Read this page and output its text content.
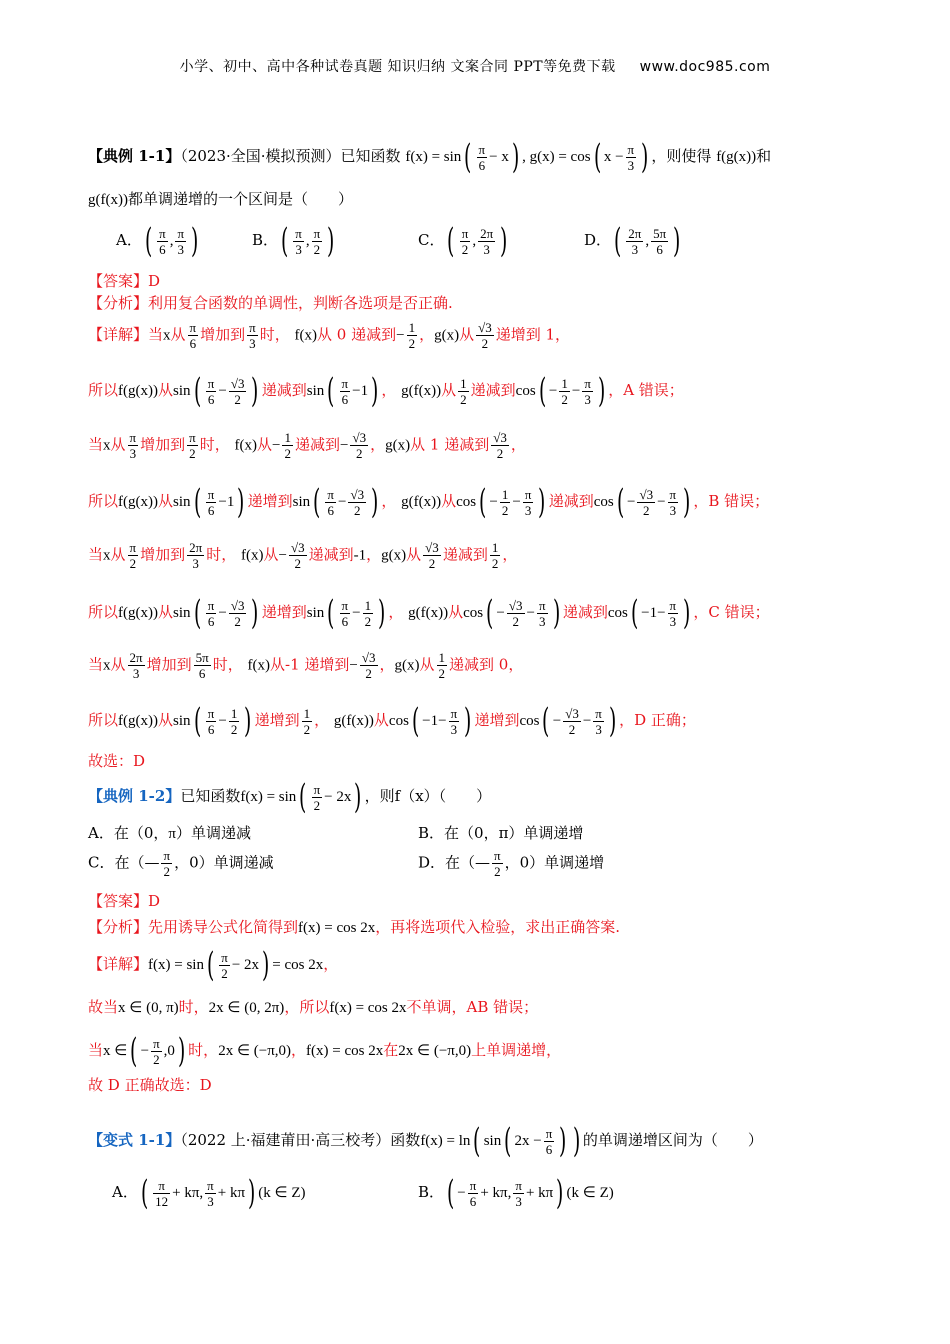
小学、初中、高中各种试卷真题 知识归纳 文案合同 PPT等免费下载 www.doc985.com
【典例 1-1】（2023·全国·模拟预测）已知函数 $f(x) = \sin( \frac{\pi}{6} - x)$ , g(x) = cos( $x - \frac{\pi}{3}$ ) ，则使得 f(g(x))和
g(f(x))都单调递增的一个区间是（　　）
A．( $\frac{\pi}{6}$ , $\frac{\pi}{3}$ )	B．( $\frac{\pi}{3}$ , $\frac{\pi}{2}$ )	C．( $\frac{\pi}{2}$ , $\frac{2\pi}{3}$ )	D．( $\frac{2\pi}{3}$ , $\frac{5\pi}{6}$ )
【答案】D
【分析】利用复合函数的单调性，判断各选项是否正确.
【详解】当x从 $\frac{\pi}{6}$ 增加到 $\frac{\pi}{3}$ 时， f(x)从 0 递减到− $\frac{1}{2}$ ，g(x)从 $\frac{√3}{2}$ 递增到 1，
所以f(g(x))从$\sin( \frac{\pi}{6} - \frac{√3}{2}$ ) 递减到$\sin( \frac{\pi}{6} -1)$ ， g(f(x))从 $\frac{1}{2}$ 递减到$\cos( - \frac{1}{2} - \frac{\pi}{3}$ ) ，A 错误；
当x从 $\frac{\pi}{3}$ 增加到 $\frac{\pi}{2}$ 时， f(x)从− $\frac{1}{2}$ 递减到− $\frac{√3}{2}$ ，g(x)从 1 递减到 $\frac{√3}{2}$ ，
所以f(g(x))从$\sin( \frac{\pi}{6} -1)$ 递增到$\sin( \frac{\pi}{6} - \frac{√3}{2}$ ) ， g(f(x))从$\cos( - \frac{1}{2} - \frac{\pi}{3}$ ) 递减到$\cos( - \frac{√3}{2} - \frac{\pi}{3}$ ) ，B 错误；
当x从 $\frac{\pi}{2}$ 增加到 $\frac{2\pi}{3}$ 时， f(x)从− $\frac{√3}{2}$ 递减到-1，g(x)从 $\frac{√3}{2}$ 递减到 $\frac{1}{2}$ ，
所以f(g(x))从$\sin( \frac{\pi}{6} - \frac{√3}{2}$ ) 递增到$\sin( \frac{\pi}{6} - \frac{1}{2}$ ) ， g(f(x))从$\cos( - \frac{√3}{2} - \frac{\pi}{3}$ ) 递减到$\cos( -1- \frac{\pi}{3}$ ) ，C 错误；
当x从 $\frac{2\pi}{3}$ 增加到 $\frac{5\pi}{6}$ 时， f(x)从-1 递增到− $\frac{√3}{2}$ ，g(x)从 $\frac{1}{2}$ 递减到 0，
所以f(g(x))从$\sin( \frac{\pi}{6} - \frac{1}{2}$ ) 递增到 $\frac{1}{2}$ ， g(f(x))从$\cos( -1- \frac{\pi}{3}$ ) 递增到$\cos( - \frac{√3}{2} - \frac{\pi}{3}$ ) ，D 正确；
故选：D
【典例 1-2】已知函数$f(x) = \sin( \frac{\pi}{2} - 2x)$ ，则f（x）（　　）
A．在（0，π）单调递减	B．在（0，π）单调递增
C．在（— $\frac{\pi}{2}$ ，0）单调递减	D．在（— $\frac{\pi}{2}$ ，0）单调递增
【答案】D
【分析】先用诱导公式化简得到f(x) = cos 2x，再将选项代入检验，求出正确答案.
【详解】$f(x) = \sin( \frac{\pi}{2} - 2x) = \cos 2x$，
故当x ∈ (0, π)时，2x ∈ (0, 2π)，所以f(x) = cos 2x不单调，AB 错误；
当x ∈( − $\frac{\pi}{2} ,0$) 时，2x ∈ (−π,0)，f(x) = cos 2x在2x ∈ (−π,0)上单调递增，
故 D 正确故选：D
【变式 1-1】（2022 上·福建莆田·高三校考）函数f(x) = ln( sin( $2x - \frac{\pi}{6}$ ) ) 的单调递增区间为（　　）
A．( $\frac{\pi}{12} + k\pi$, $\frac{\pi}{3} + k\pi$) (k ∈ Z)	B．( − $\frac{\pi}{6} + k\pi$, $\frac{\pi}{3} + k\pi$) (k ∈ Z)
